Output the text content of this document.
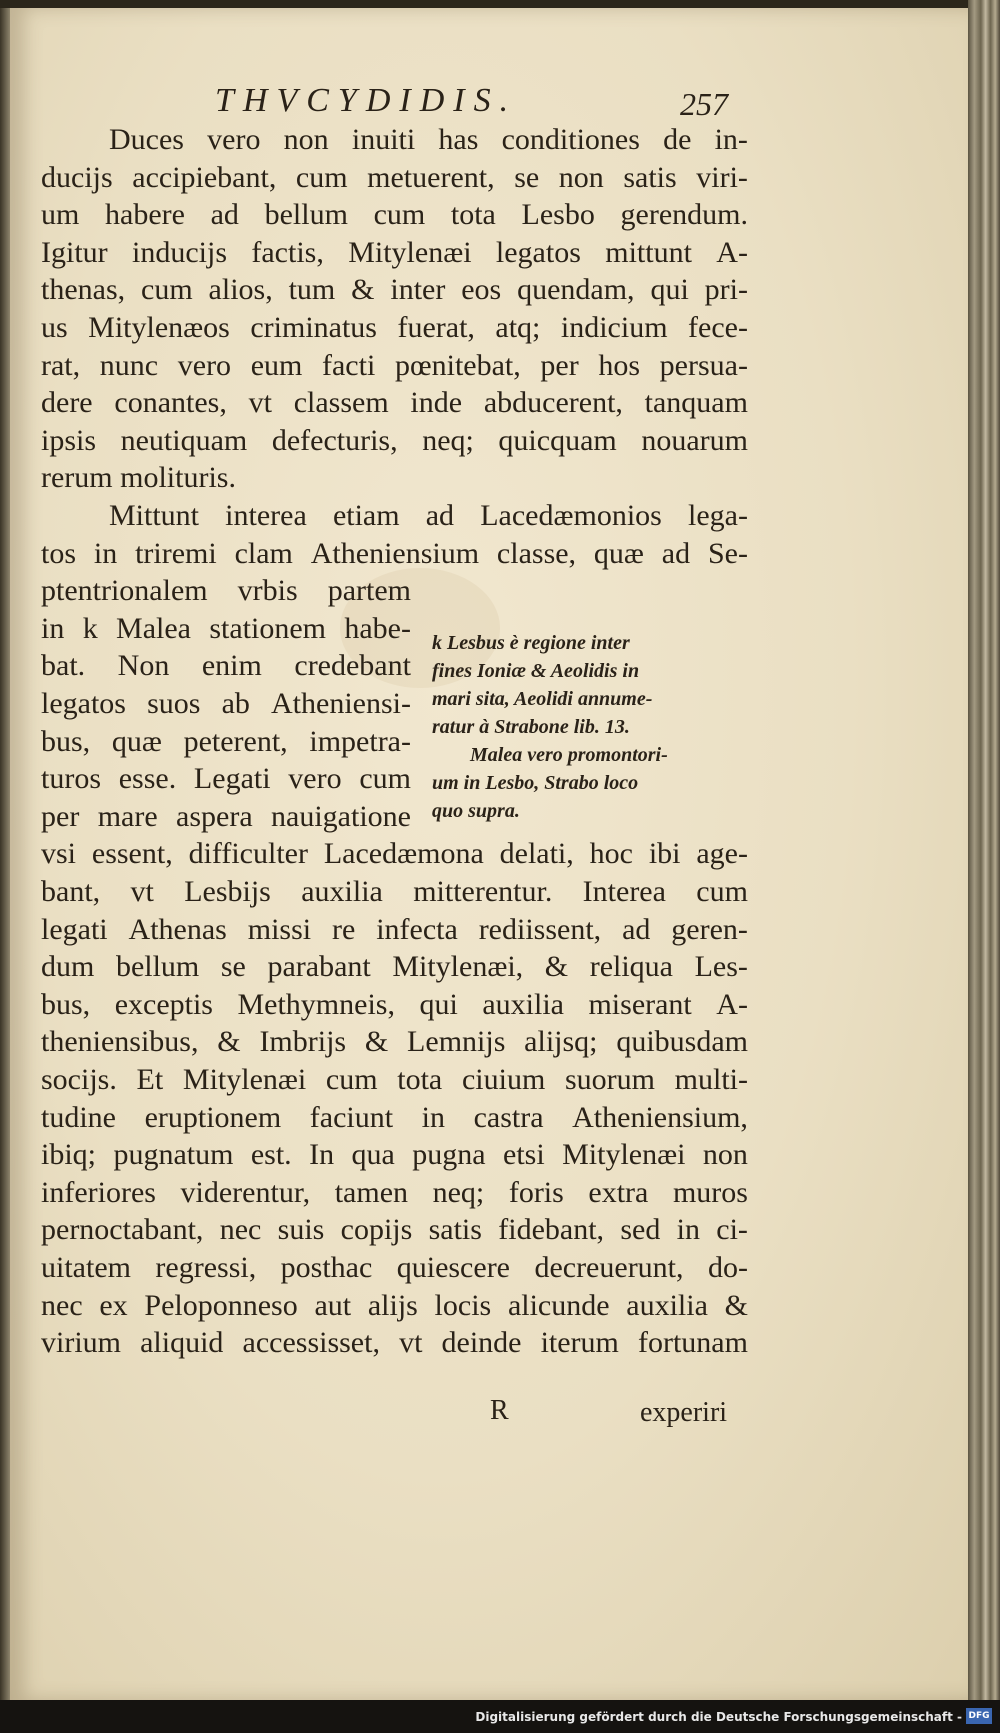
THVCYDIDIS.	257
Duces vero non inuiti has conditiones de in-
ducijs accipiebant, cum metuerent, se non satis viri-
um habere ad bellum cum tota Lesbo gerendum.
Igitur inducijs factis, Mitylenæi legatos mittunt A-
thenas, cum alios, tum & inter eos quendam, qui pri-
us Mitylenæos criminatus fuerat, atq; indicium fece-
rat, nunc vero eum facti pœnitebat, per hos persua-
dere conantes, vt classem inde abducerent, tanquam
ipsis neutiquam defecturis, neq; quicquam nouarum
rerum molituris.
Mittunt interea etiam ad Lacedæmonios lega-
tos in triremi clam Atheniensium classe, quæ ad Se-
ptentrionalem vrbis partem
in k Malea stationem habe-
bat. Non enim credebant
legatos suos ab Atheniensi-
bus, quæ peterent, impetra-
turos esse. Legati vero cum
per mare aspera nauigatione
k Lesbus è regione inter
fines Ioniæ & Aeolidis in
mari sita, Aeolidi annume-
ratur à Strabone lib. 13.
Malea vero promontori-
um in Lesbo, Strabo loco
quo supra.
vsi essent, difficulter Lacedæmona delati, hoc ibi age-
bant, vt Lesbijs auxilia mitterentur. Interea cum
legati Athenas missi re infecta rediissent, ad geren-
dum bellum se parabant Mitylenæi, & reliqua Les-
bus, exceptis Methymneis, qui auxilia miserant A-
theniensibus, & Imbrijs & Lemnijs alijsq; quibusdam
socijs. Et Mitylenæi cum tota ciuium suorum multi-
tudine eruptionem faciunt in castra Atheniensium,
ibiq; pugnatum est. In qua pugna etsi Mitylenæi non
inferiores viderentur, tamen neq; foris extra muros
pernoctabant, nec suis copijs satis fidebant, sed in ci-
uitatem regressi, posthac quiescere decreuerunt, do-
nec ex Peloponneso aut alijs locis alicunde auxilia &
virium aliquid accessisset, vt deinde iterum fortunam
R	experiri
Digitalisierung gefördert durch die Deutsche Forschungsgemeinschaft - DFG
